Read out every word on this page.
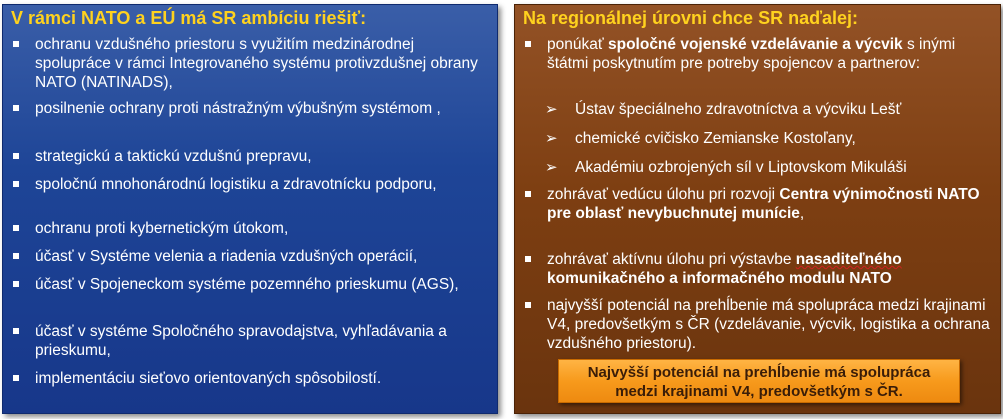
V rámci NATO a EÚ má SR ambíciu riešiť:
ochranu vzdušného priestoru s využitím medzinárodnej spolupráce v rámci Integrovaného systému protivzdušnej obrany NATO (NATINADS),
posilnenie ochrany proti nástražným výbušným systémom ,
strategickú a taktickú vzdušnú prepravu,
spoločnú mnohonárodnú logistiku a zdravotnícku podporu,
ochranu proti kybernetickým útokom,
účasť v Systéme velenia a riadenia vzdušných operácií,
účasť v Spojeneckom systéme pozemného prieskumu (AGS),
účasť v systéme Spoločného spravodajstva, vyhľadávania a prieskumu,
implementáciu sieťovo orientovaných spôsobilostí.
Na regionálnej úrovni chce SR naďalej:
ponúkať spoločné vojenské vzdelávanie a výcvik s inými štátmi poskytnutím pre potreby spojencov a partnerov:
➢ Ústav špeciálneho zdravotníctva a výcviku Lešť
➢ chemické cvičisko Zemianske Kostoľany,
➢ Akadémiu ozbrojených síl v Liptovskom Mikuláši
zohrávať vedúcu úlohu pri rozvoji Centra výnimočnosti NATO pre oblasť nevybuchnutej munície,
zohrávať aktívnu úlohu pri výstavbe nasaditeľného komunikačného a informačného modulu NATO
najvyšší potenciál na prehĺbenie má spolupráca medzi krajinami V4, predovšetkým s ČR (vzdelávanie, výcvik, logistika a ochrana vzdušného priestoru).
Najvyšší potenciál na prehĺbenie má spolupráca
medzi krajinami V4, predovšetkým s ČR.
